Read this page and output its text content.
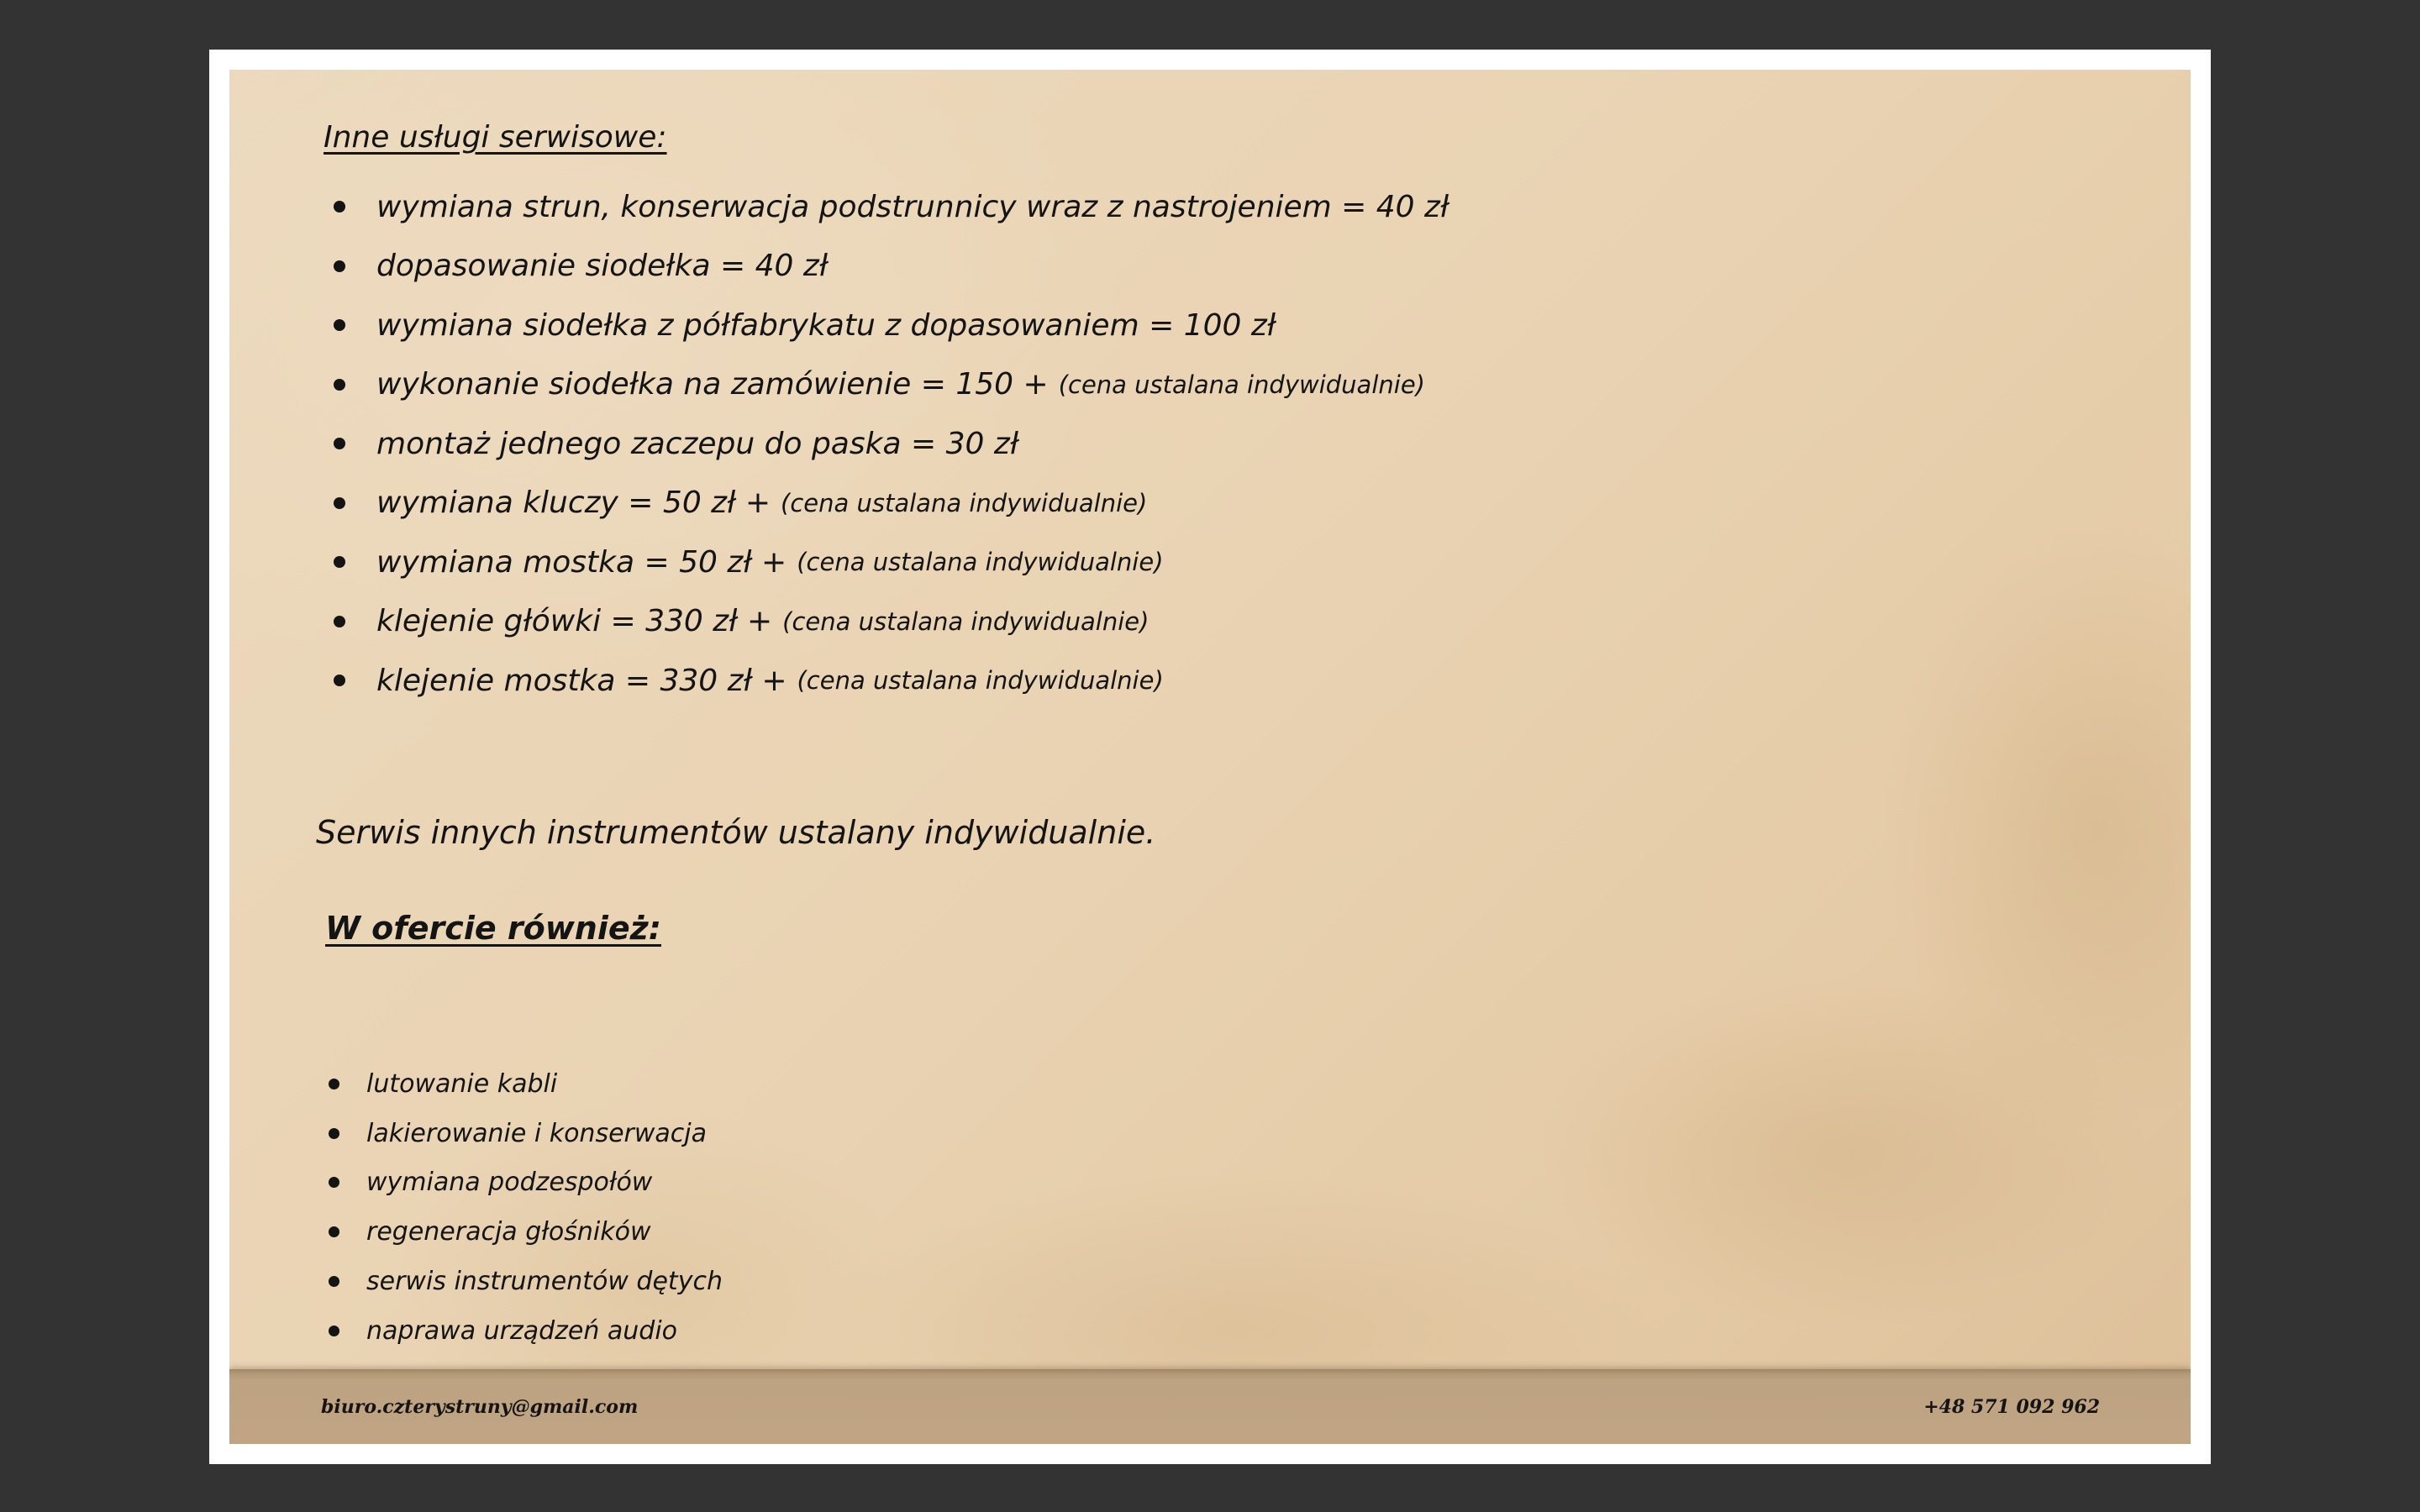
Inne usługi serwisowe:
wymiana strun, konserwacja podstrunnicy wraz z nastrojeniem = 40 zł
dopasowanie siodełka = 40 zł
wymiana siodełka z półfabrykatu z dopasowaniem = 100 zł
wykonanie siodełka na zamówienie = 150 + (cena ustalana indywidualnie)
montaż jednego zaczepu do paska = 30 zł
wymiana kluczy = 50 zł + (cena ustalana indywidualnie)
wymiana mostka = 50 zł + (cena ustalana indywidualnie)
klejenie główki = 330 zł + (cena ustalana indywidualnie)
klejenie mostka = 330 zł + (cena ustalana indywidualnie)
Serwis innych instrumentów ustalany indywidualnie.
W ofercie również:
lutowanie kabli
lakierowanie i konserwacja
wymiana podzespołów
regeneracja głośników
serwis instrumentów dętych
naprawa urządzeń audio
biuro.czterystruny@gmail.com	+48 571 092 962
